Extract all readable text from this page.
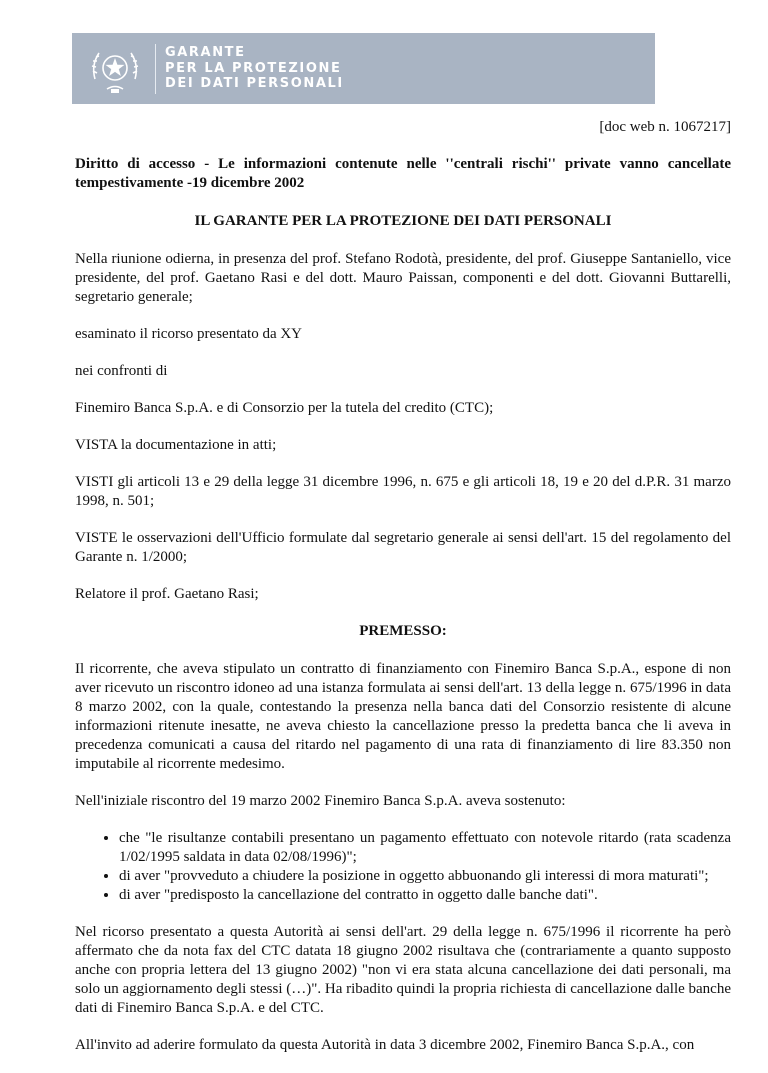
GARANTE
PER LA PROTEZIONE
DEI DATI PERSONALI

[doc web n. 1067217]

Diritto di accesso - Le informazioni contenute nelle ''centrali rischi'' private vanno cancellate tempestivamente -19 dicembre 2002

IL GARANTE PER LA PROTEZIONE DEI DATI PERSONALI

Nella riunione odierna, in presenza del prof. Stefano Rodotà, presidente, del prof. Giuseppe Santaniello, vice presidente, del prof. Gaetano Rasi e del dott. Mauro Paissan, componenti e del dott. Giovanni Buttarelli, segretario generale;

esaminato il ricorso presentato da XY

nei confronti di

Finemiro Banca S.p.A. e di Consorzio per la tutela del credito (CTC);

VISTA la documentazione in atti;

VISTI gli articoli 13 e 29 della legge 31 dicembre 1996, n. 675 e gli articoli 18, 19 e 20 del d.P.R. 31 marzo 1998, n. 501;

VISTE le osservazioni dell'Ufficio formulate dal segretario generale ai sensi dell'art. 15 del regolamento del Garante n. 1/2000;

Relatore il prof. Gaetano Rasi;

PREMESSO:

Il ricorrente, che aveva stipulato un contratto di finanziamento con Finemiro Banca S.p.A., espone di non aver ricevuto un riscontro idoneo ad una istanza formulata ai sensi dell'art. 13 della legge n. 675/1996 in data 8 marzo 2002, con la quale, contestando la presenza nella banca dati del Consorzio resistente di alcune informazioni ritenute inesatte, ne aveva chiesto la cancellazione presso la predetta banca che li aveva in precedenza comunicati a causa del ritardo nel pagamento di una rata di finanziamento di lire 83.350 non imputabile al ricorrente medesimo.

Nell'iniziale riscontro del 19 marzo 2002 Finemiro Banca S.p.A. aveva sostenuto:

• che "le risultanze contabili presentano un pagamento effettuato con notevole ritardo (rata scadenza 1/02/1995 saldata in data 02/08/1996)";
• di aver "provveduto a chiudere la posizione in oggetto abbuonando gli interessi di mora maturati";
• di aver "predisposto la cancellazione del contratto in oggetto dalle banche dati".

Nel ricorso presentato a questa Autorità ai sensi dell'art. 29 della legge n. 675/1996 il ricorrente ha però affermato che da nota fax del CTC datata 18 giugno 2002 risultava che (contrariamente a quanto supposto anche con propria lettera del 13 giugno 2002) "non vi era stata alcuna cancellazione dei dati personali, ma solo un aggiornamento degli stessi (…)". Ha ribadito quindi la propria richiesta di cancellazione dalle banche dati di Finemiro Banca S.p.A. e del CTC.

All'invito ad aderire formulato da questa Autorità in data 3 dicembre 2002, Finemiro Banca S.p.A., con
